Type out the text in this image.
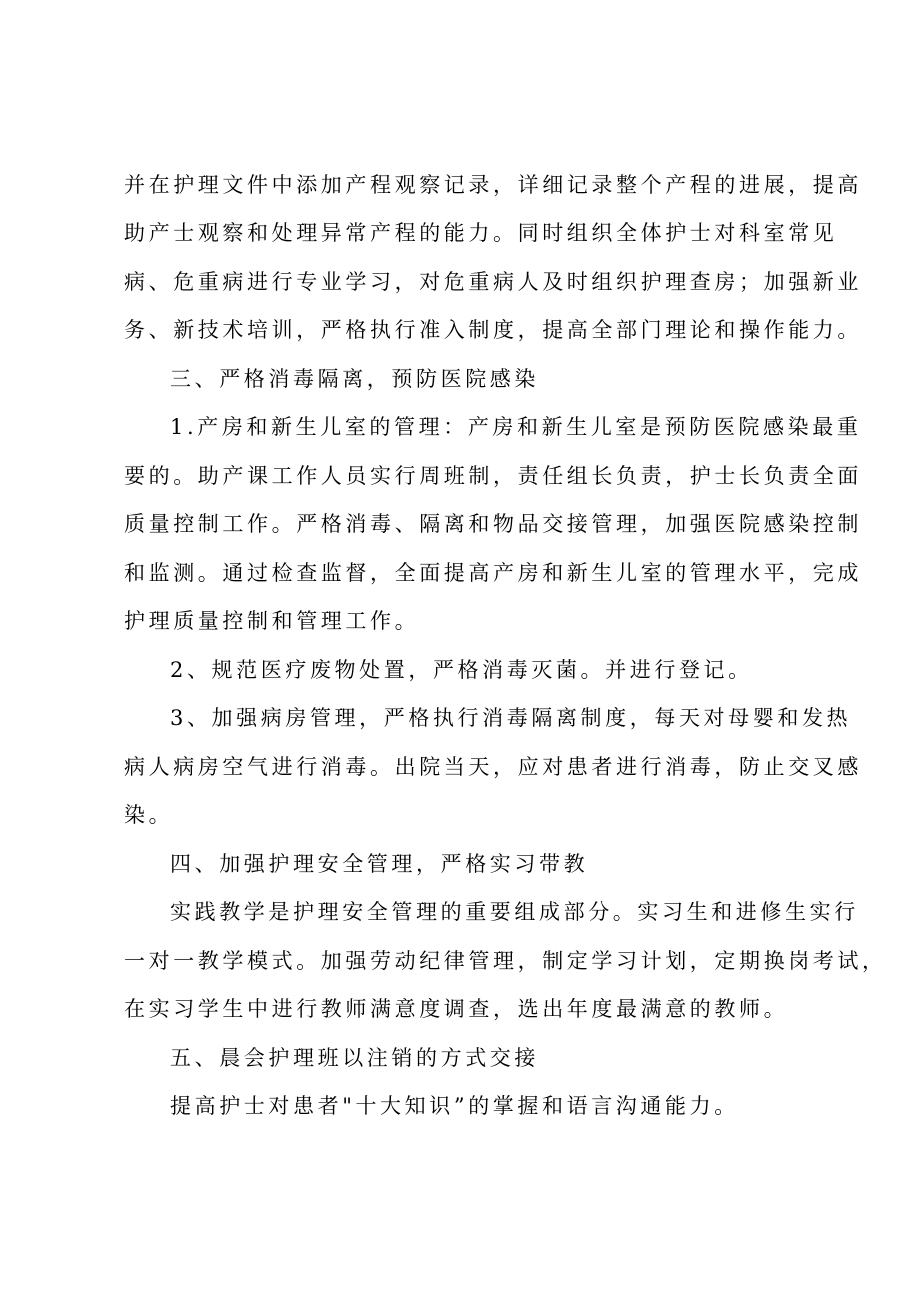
并在护理文件中添加产程观察记录，详细记录整个产程的进展，提高
助产士观察和处理异常产程的能力。同时组织全体护士对科室常见
病、危重病进行专业学习，对危重病人及时组织护理查房；加强新业
务、新技术培训，严格执行准入制度，提高全部门理论和操作能力。
三、严格消毒隔离，预防医院感染
1.产房和新生儿室的管理：产房和新生儿室是预防医院感染最重
要的。助产课工作人员实行周班制，责任组长负责，护士长负责全面
质量控制工作。严格消毒、隔离和物品交接管理，加强医院感染控制
和监测。通过检查监督，全面提高产房和新生儿室的管理水平，完成
护理质量控制和管理工作。
2、规范医疗废物处置，严格消毒灭菌。并进行登记。
3、加强病房管理，严格执行消毒隔离制度，每天对母婴和发热
病人病房空气进行消毒。出院当天，应对患者进行消毒，防止交叉感
染。
四、加强护理安全管理，严格实习带教
实践教学是护理安全管理的重要组成部分。实习生和进修生实行
一对一教学模式。加强劳动纪律管理，制定学习计划，定期换岗考试，
在实习学生中进行教师满意度调查，选出年度最满意的教师。
五、晨会护理班以注销的方式交接
提高护士对患者"十大知识”的掌握和语言沟通能力。
